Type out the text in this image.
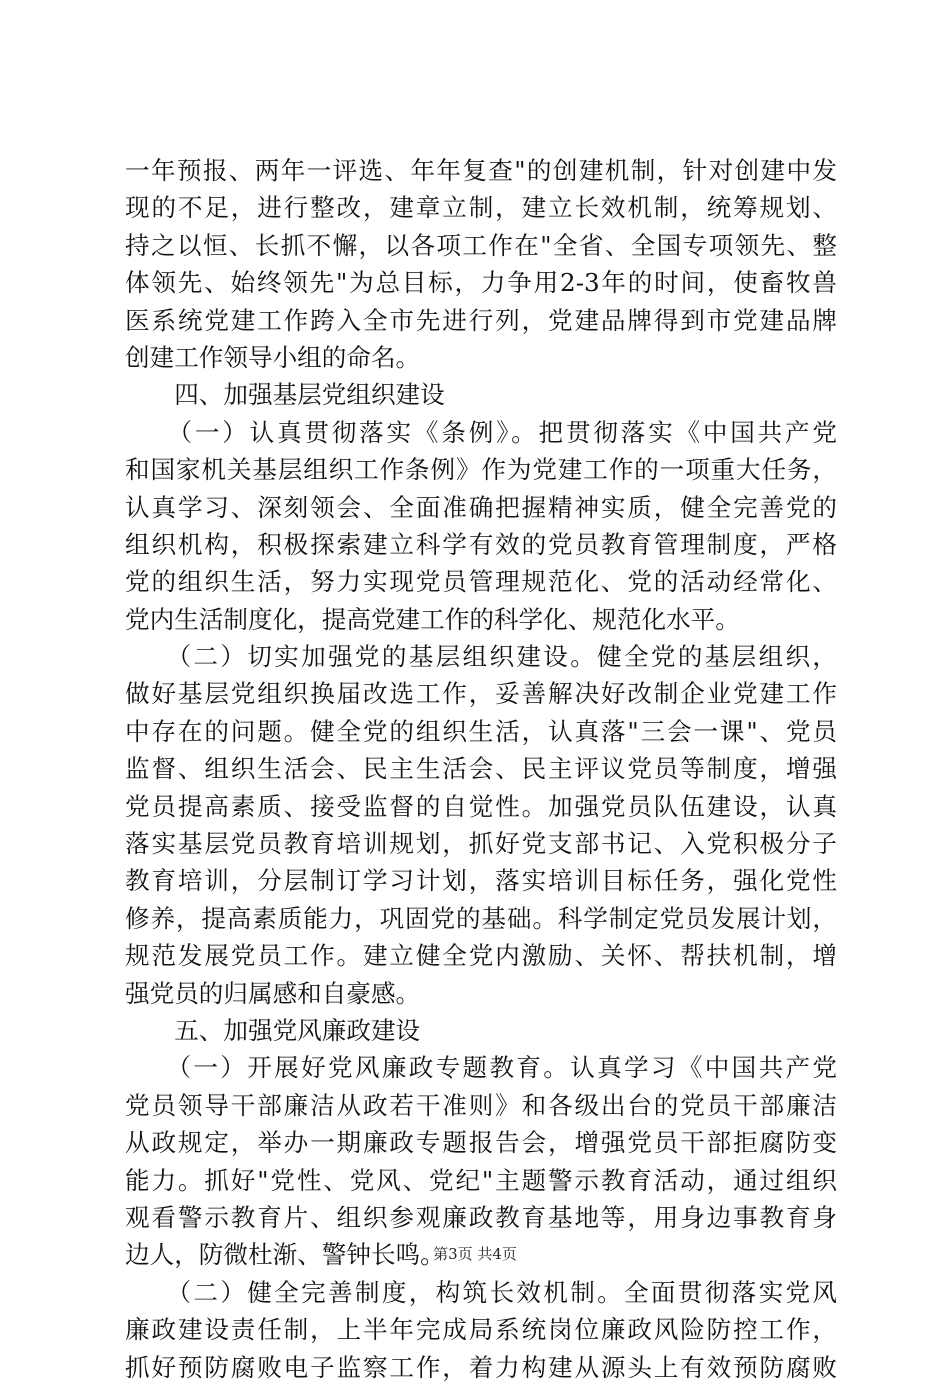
一年预报、两年一评选、年年复查"的创建机制，针对创建中发
现的不足，进行整改，建章立制，建立长效机制，统筹规划、
持之以恒、长抓不懈，以各项工作在"全省、全国专项领先、整
体领先、始终领先"为总目标，力争用2-3年的时间，使畜牧兽
医系统党建工作跨入全市先进行列，党建品牌得到市党建品牌
创建工作领导小组的命名。
　　四、加强基层党组织建设
　　（一）认真贯彻落实《条例》。把贯彻落实《中国共产党
和国家机关基层组织工作条例》作为党建工作的一项重大任务，
认真学习、深刻领会、全面准确把握精神实质，健全完善党的
组织机构，积极探索建立科学有效的党员教育管理制度，严格
党的组织生活，努力实现党员管理规范化、党的活动经常化、
党内生活制度化，提高党建工作的科学化、规范化水平。
　　（二）切实加强党的基层组织建设。健全党的基层组织，
做好基层党组织换届改选工作，妥善解决好改制企业党建工作
中存在的问题。健全党的组织生活，认真落"三会一课"、党员
监督、组织生活会、民主生活会、民主评议党员等制度，增强
党员提高素质、接受监督的自觉性。加强党员队伍建设，认真
落实基层党员教育培训规划，抓好党支部书记、入党积极分子
教育培训，分层制订学习计划，落实培训目标任务，强化党性
修养，提高素质能力，巩固党的基础。科学制定党员发展计划，
规范发展党员工作。建立健全党内激励、关怀、帮扶机制，增
强党员的归属感和自豪感。
　　五、加强党风廉政建设
　　（一）开展好党风廉政专题教育。认真学习《中国共产党
党员领导干部廉洁从政若干准则》和各级出台的党员干部廉洁
从政规定，举办一期廉政专题报告会，增强党员干部拒腐防变
能力。抓好"党性、党风、党纪"主题警示教育活动，通过组织
观看警示教育片、组织参观廉政教育基地等，用身边事教育身
边人，防微杜渐、警钟长鸣。
　　（二）健全完善制度，构筑长效机制。全面贯彻落实党风
廉政建设责任制，上半年完成局系统岗位廉政风险防控工作，
抓好预防腐败电子监察工作，着力构建从源头上有效预防腐败
第3页 共4页
